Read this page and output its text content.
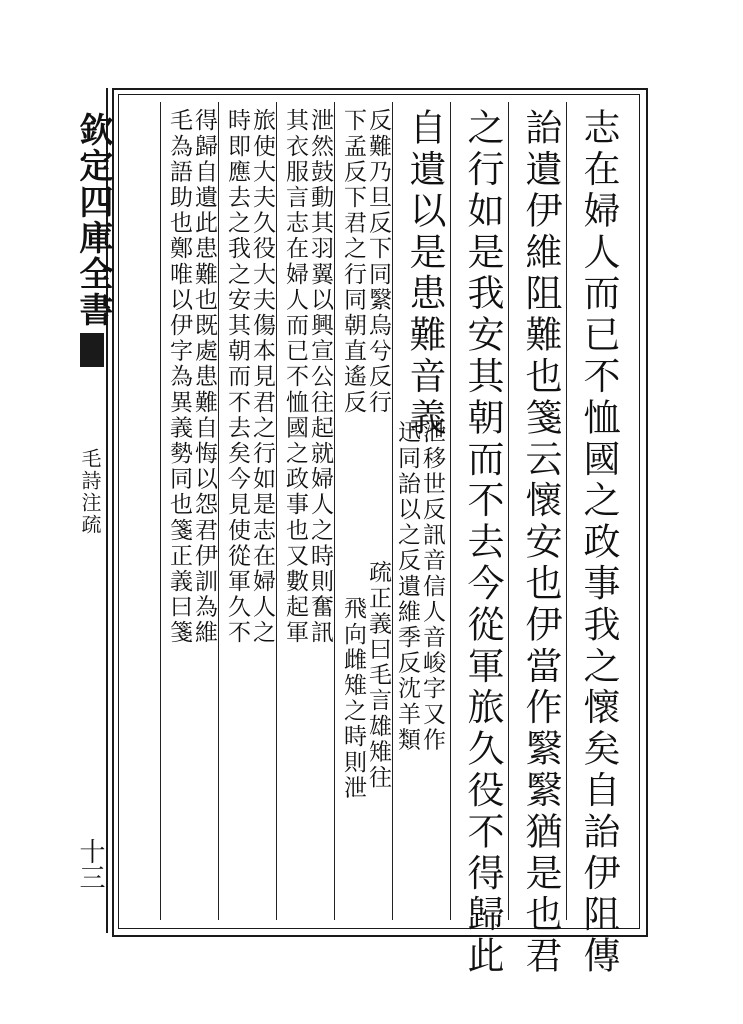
欽定四庫全書
毛詩注疏
十三	志在婦人而已不恤國之政事我之懷矣自詒伊阻傳
詒遺伊維阻難也箋云懷安也伊當作繄繄猶是也君
之行如是我安其朝而不去今從軍旅久役不得歸此
自遺以是患難音義
泄移世反訊音信人音峻字又作
迅同詒以之反遺維季反沈羊類
反難乃旦反下同繄烏兮反行
下孟反下君之行同朝直遙反
疏正義曰毛言雄雉往
飛向雌雉之時則泄
泄然鼓動其羽翼以興宣公往起就婦人之時則奮訊
其衣服言志在婦人而已不恤國之政事也又數起軍
旅使大夫久役大夫傷本見君之行如是志在婦人之
時即應去之我之安其朝而不去矣今見使從軍久不
得歸自遺此患難也既處患難自悔以怨君伊訓為維
毛為語助也鄭唯以伊字為異義勢同也箋正義曰箋
